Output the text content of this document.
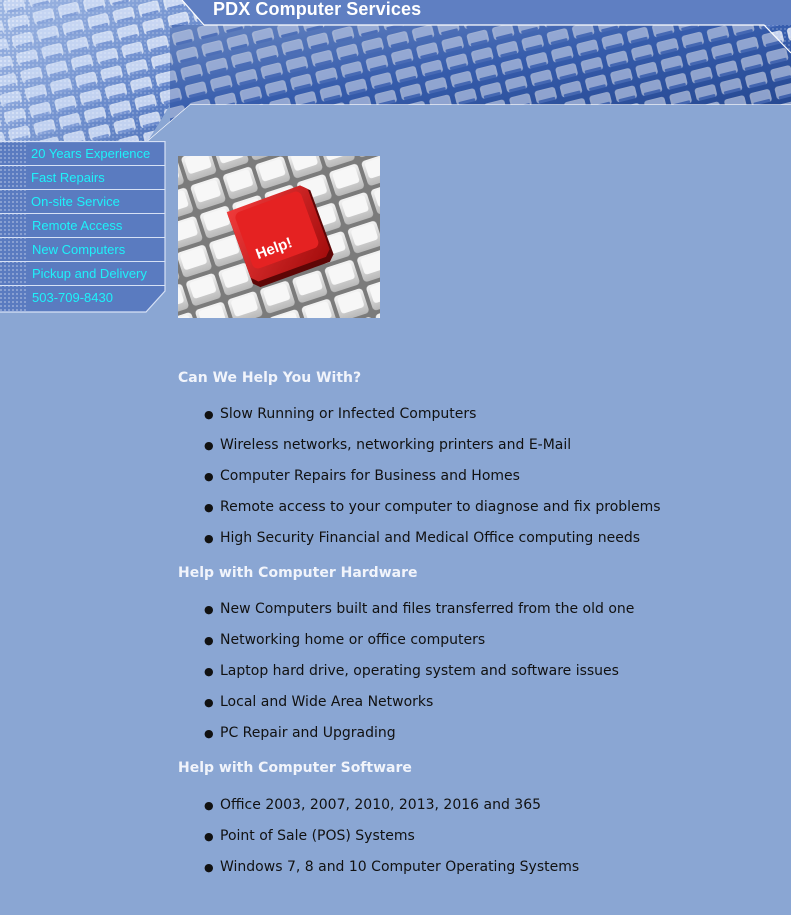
PDX Computer Services
20 Years Experience
Fast Repairs
On-site Service
Remote Access
New Computers
Pickup and Delivery
503-709-8430
Help!
Can We Help You With?
● Slow Running or Infected Computers
● Wireless networks, networking printers and E-Mail
● Computer Repairs for Business and Homes
● Remote access to your computer to diagnose and fix problems
● High Security Financial and Medical Office computing needs
Help with Computer Hardware
● New Computers built and files transferred from the old one
● Networking home or office computers
● Laptop hard drive, operating system and software issues
● Local and Wide Area Networks
● PC Repair and Upgrading
Help with Computer Software
● Office 2003, 2007, 2010, 2013, 2016 and 365
● Point of Sale (POS) Systems
● Windows 7, 8 and 10 Computer Operating Systems
